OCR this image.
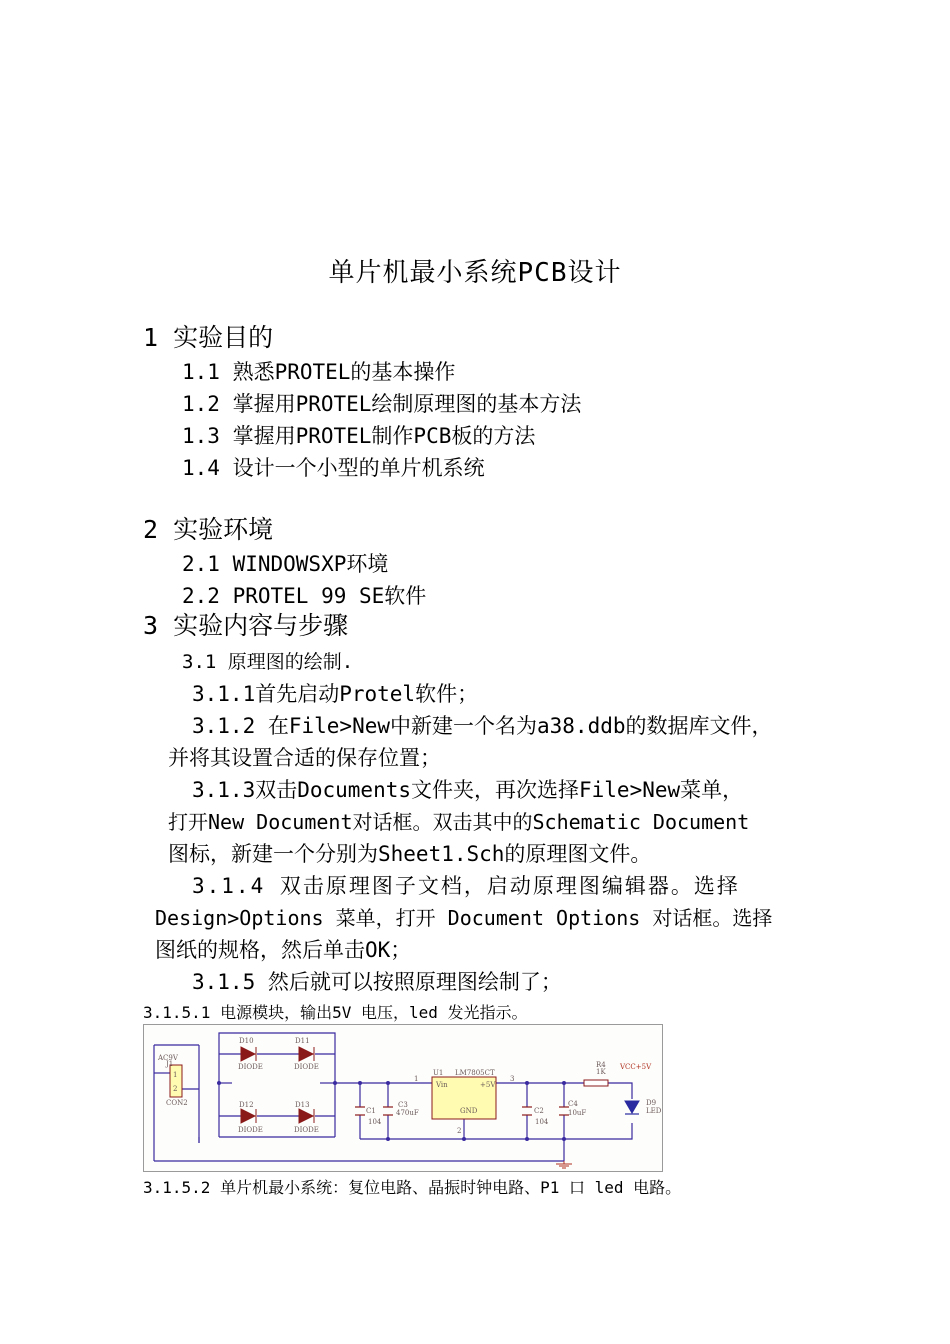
单片机最小系统PCB设计
1 实验目的
1.1 熟悉PROTEL的基本操作
1.2 掌握用PROTEL绘制原理图的基本方法
1.3 掌握用PROTEL制作PCB板的方法
1.4 设计一个小型的单片机系统
2 实验环境
2.1 WINDOWSXP环境
2.2 PROTEL 99 SE软件
3 实验内容与步骤
3.1 原理图的绘制.
3.1.1首先启动Protel软件；
3.1.2 在File>New中新建一个名为a38.ddb的数据库文件，
并将其设置合适的保存位置；
3.1.3双击Documents文件夹，再次选择File>New菜单，
打开New Document对话框。双击其中的Schematic Document
图标，新建一个分别为Sheet1.Sch的原理图文件。
3.1.4 双击原理图子文档，启动原理图编辑器。选择
Design>Options 菜单，打开 Document Options 对话框。选择
图纸的规格，然后单击OK；
3.1.5 然后就可以按照原理图绘制了；
3.1.5.1 电源模块，输出5V 电压，led 发光指示。
1
2
AC9V
J1
CON2
D10
DIODE
D11
DIODE
D12
DIODE
D13
DIODE
C1
104
C3
470uF	C2
104
C4
10uF
U1 LM7805CT
Vin	+5V
GND
1	3
2
R4
1K
VCC+5V
D9
LED
3.1.5.2 单片机最小系统：复位电路、晶振时钟电路、P1 口 led 电路。
